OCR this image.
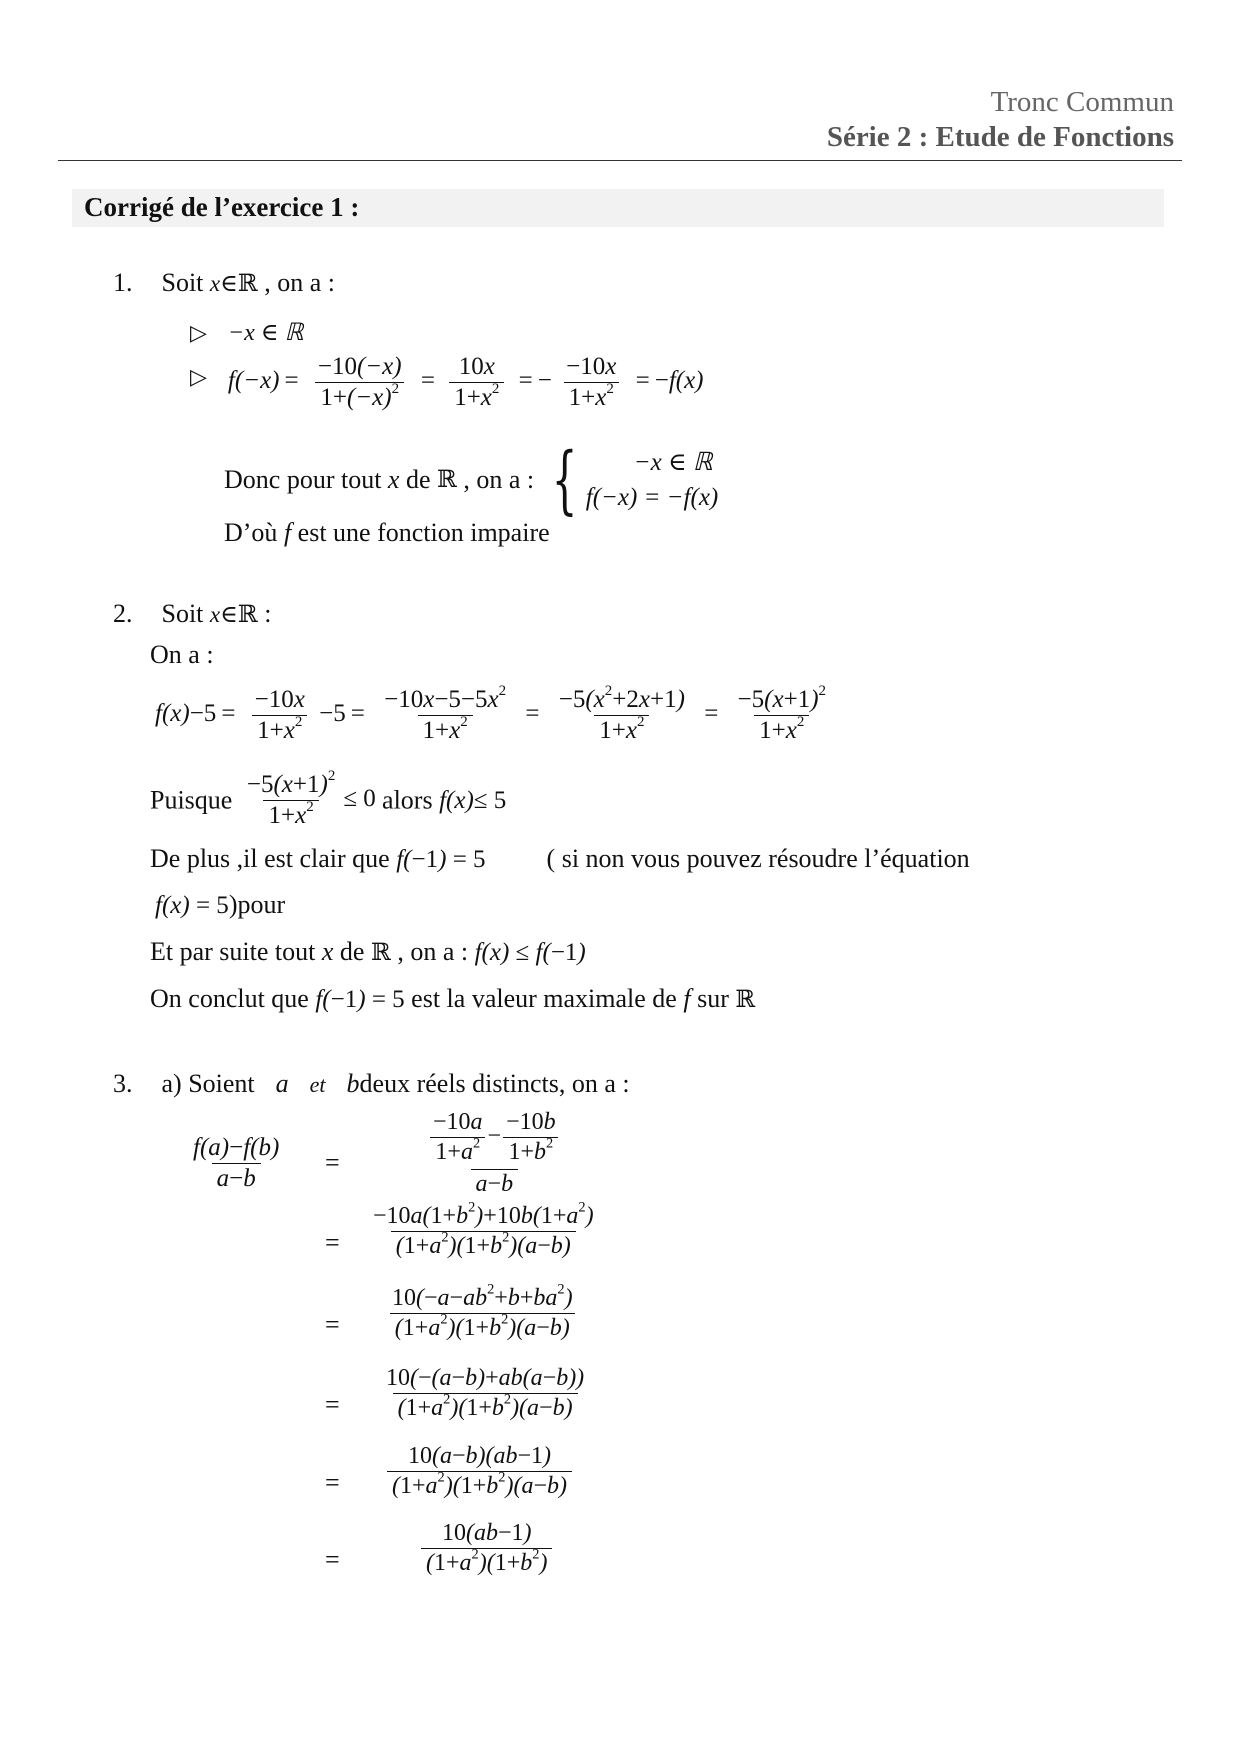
Tronc Commun
Série 2 : Etude de Fonctions
Corrigé de l’exercice 1 :
1. Soit x∈ℝ , on a :
▷ −x ∈ ℝ
▷  $f(-x) = \frac{-10(-x)}{1+(-x)^2} = \frac{10x}{1+x^2}$ = − $\frac{-10x}{1+x^2} = -f(x)$
Donc pour tout x de ℝ , on a : {	−x ∈ ℝ
f(−x) = −f(x)
D’où f est une fonction impaire
2. Soit x∈ℝ :
On a :
$f(x)-5 = \frac{-10x}{1+x^2} -5 = \frac{-10x-5-5x^2}{1+x^2} = \frac{-5(x^2+2x+1)}{1+x^2} = \frac{-5(x+1)^2}{1+x^2}$
Puisque $\frac{-5(x+1)^2}{1+x^2} \le 0$ alors f(x)≤ 5
De plus ,il est clair que f(−1) = 5 ( si non vous pouvez résoudre l’équation
f(x) = 5)pour
Et par suite tout x de ℝ , on a : f(x) ≤ f(−1)
On conclut que f(−1) = 5 est la valeur maximale de f sur ℝ
3. a) Soient a et bdeux réels distincts, on a :
$\frac{f(a)-f(b)}{a-b}$ =	$\frac{\frac{-10a}{1+a^2} - \frac{-10b}{1+b^2}}{a-b}$
= $\frac{-10a(1+b^2)+10b(1+a^2)}{(1+a^2)(1+b^2)(a-b)}$
= $\frac{10(-a-ab^2+b+ba^2)}{(1+a^2)(1+b^2)(a-b)}$
= $\frac{10(-(a-b)+ab(a-b))}{(1+a^2)(1+b^2)(a-b)}$
= $\frac{10(a-b)(ab-1)}{(1+a^2)(1+b^2)(a-b)}$
=	$\frac{10(ab-1)}{(1+a^2)(1+b^2)}$
